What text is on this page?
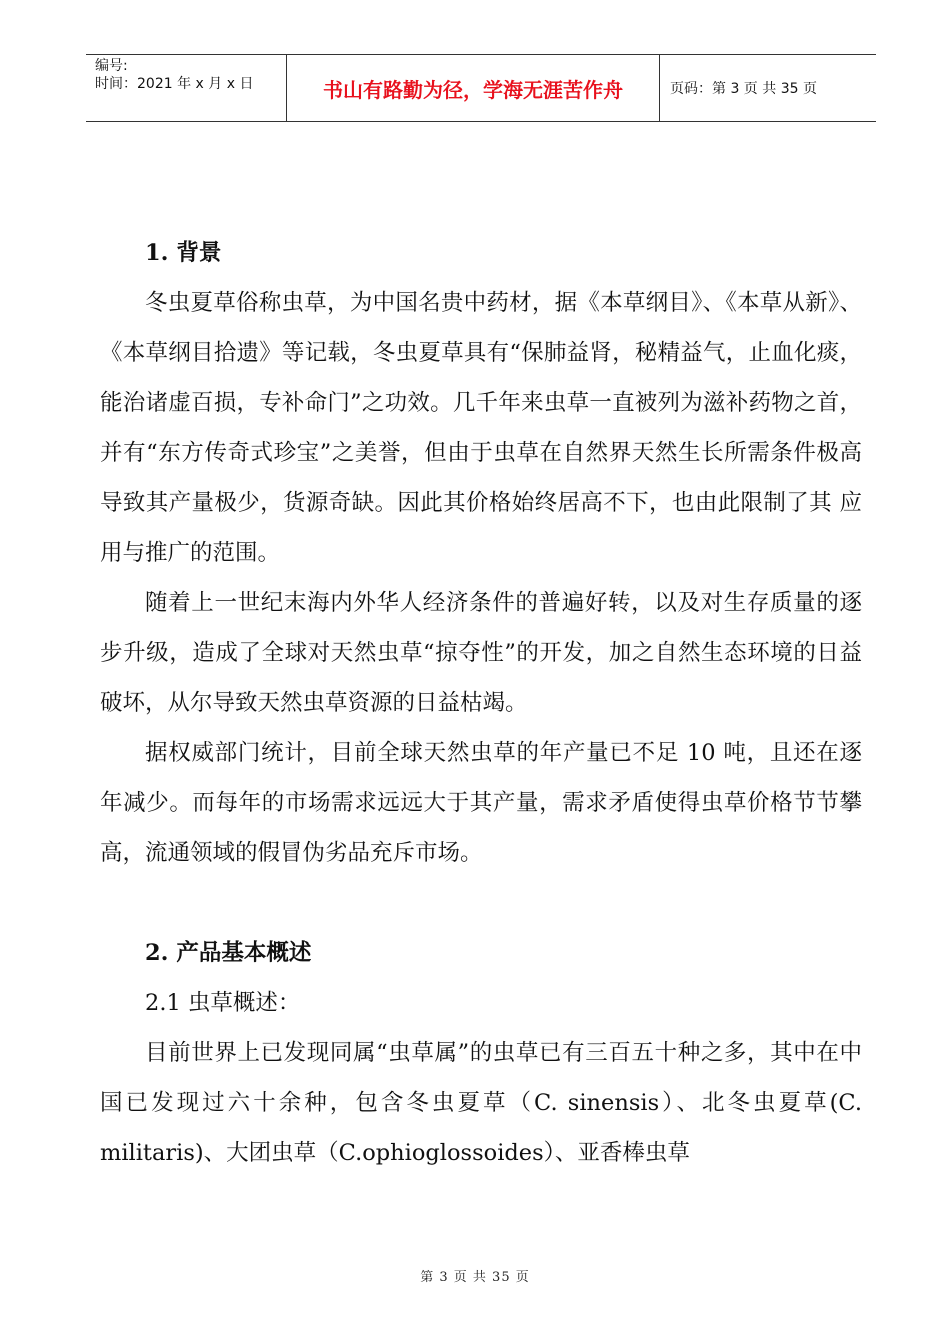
编号:
时间：2021 年 x 月 x 日	书山有路勤为径，学海无涯苦作舟	页码：第 3 页 共 35 页

1. 背景

冬虫夏草俗称虫草，为中国名贵中药材，据《本草纲目》、《本草从新》、《本草纲目拾遗》等记载，冬虫夏草具有“保肺益肾，秘精益气，止血化痰，能治诸虚百损，专补命门”之功效。几千年来虫草一直被列为滋补药物之首，并有“东方传奇式珍宝”之美誉，但由于虫草在自然界天然生长所需条件极高导致其产量极少，货源奇缺。因此其价格始终居高不下，也由此限制了其 应用与推广的范围。

随着上一世纪末海内外华人经济条件的普遍好转，以及对生存质量的逐步升级，造成了全球对天然虫草“掠夺性”的开发，加之自然生态环境的日益破坏，从尔导致天然虫草资源的日益枯竭。

据权威部门统计，目前全球天然虫草的年产量已不足 10 吨，且还在逐年减少。而每年的市场需求远远大于其产量，需求矛盾使得虫草价格节节攀高，流通领域的假冒伪劣品充斥市场。

2. 产品基本概述

2.1 虫草概述：

目前世界上已发现同属“虫草属”的虫草已有三百五十种之多，其中在中国已发现过六十余种，包含冬虫夏草（C. sinensis）、北冬虫夏草(C. militaris)、大团虫草（C.ophioglossoides）、亚香棒虫草

第 3 页 共 35 页
